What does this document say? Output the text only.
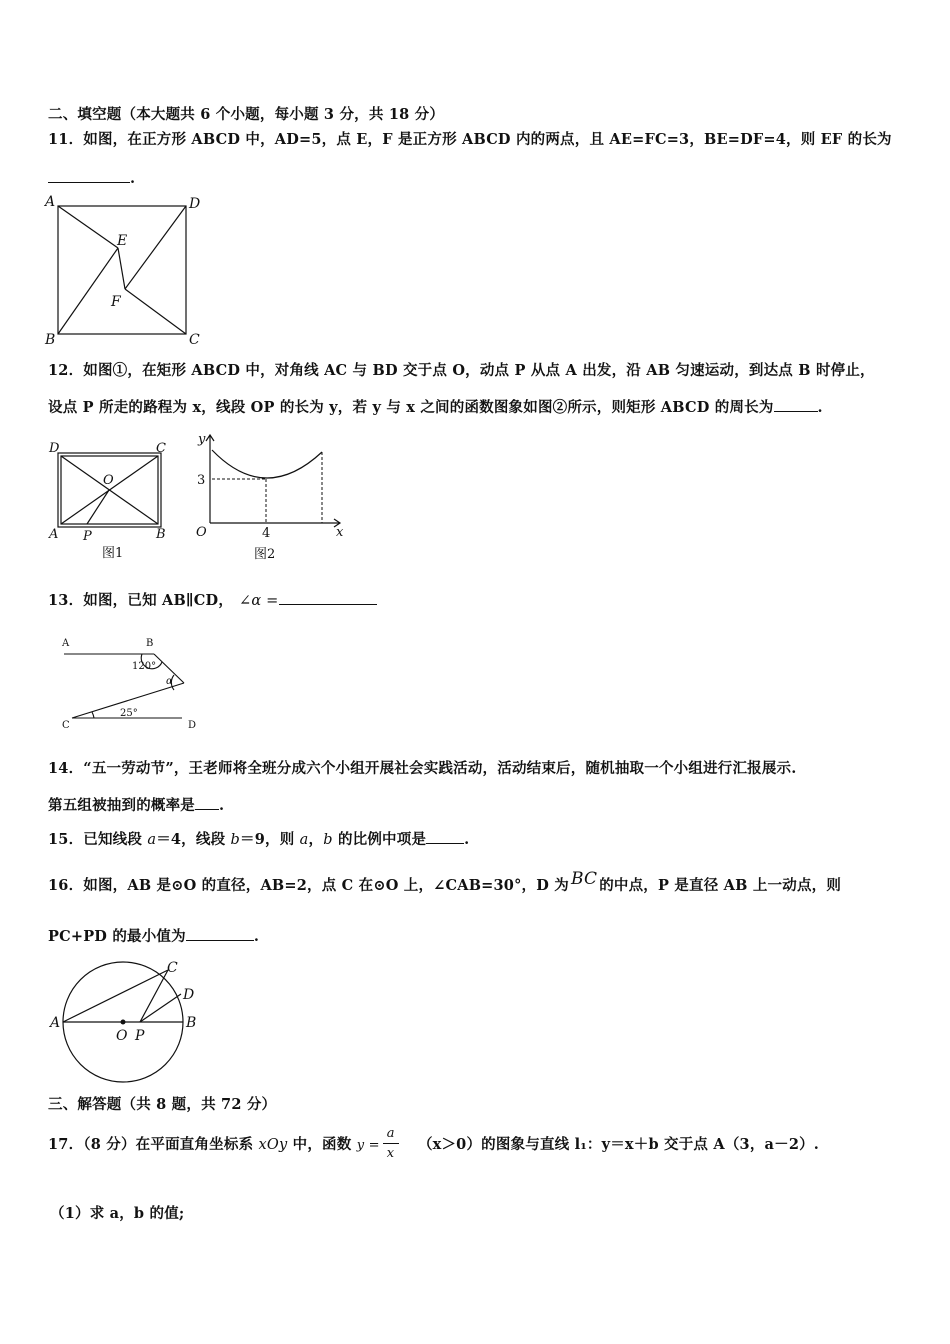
二、填空题（本大题共 6 个小题，每小题 3 分，共 18 分）
11．如图，在正方形 ABCD 中，AD=5，点 E，F 是正方形 ABCD 内的两点，且 AE=FC=3，BE=DF=4，则 EF 的长为
.
A	D
B	C
E
F
12．如图①，在矩形 ABCD 中，对角线 AC 与 BD 交于点 O，动点 P 从点 A 出发，沿 AB 匀速运动，到达点 B 时停止，
设点 P 所走的路程为 x，线段 OP 的长为 y，若 y 与 x 之间的函数图象如图②所示，则矩形 ABCD 的周长为	.
D	C
A	B
O
P
图1
y
x
O
3
4
图2
13．如图，已知 AB∥CD， ∠α =
A	B
C	D
120°
25°
α
14．“五一劳动节”，王老师将全班分成六个小组开展社会实践活动，活动结束后，随机抽取一个小组进行汇报展示.
第五组被抽到的概率是 .
15．已知线段 a＝4，线段 b＝9，则 a，b 的比例中项是	.
16．如图，AB 是⊙O 的直径，AB=2，点 C 在⊙O 上，∠CAB=30°，D 为 BC 的中点，P 是直径 AB 上一动点，则
PC+PD 的最小值为	.
A	B
C
D
O P
三、解答题（共 8 题，共 72 分）
17．（8 分）在平面直角坐标系 xOy 中，函数 y =
a
x
（x＞0）的图象与直线 l₁：y＝x＋b 交于点 A（3，a－2）.
（1）求 a，b 的值;
